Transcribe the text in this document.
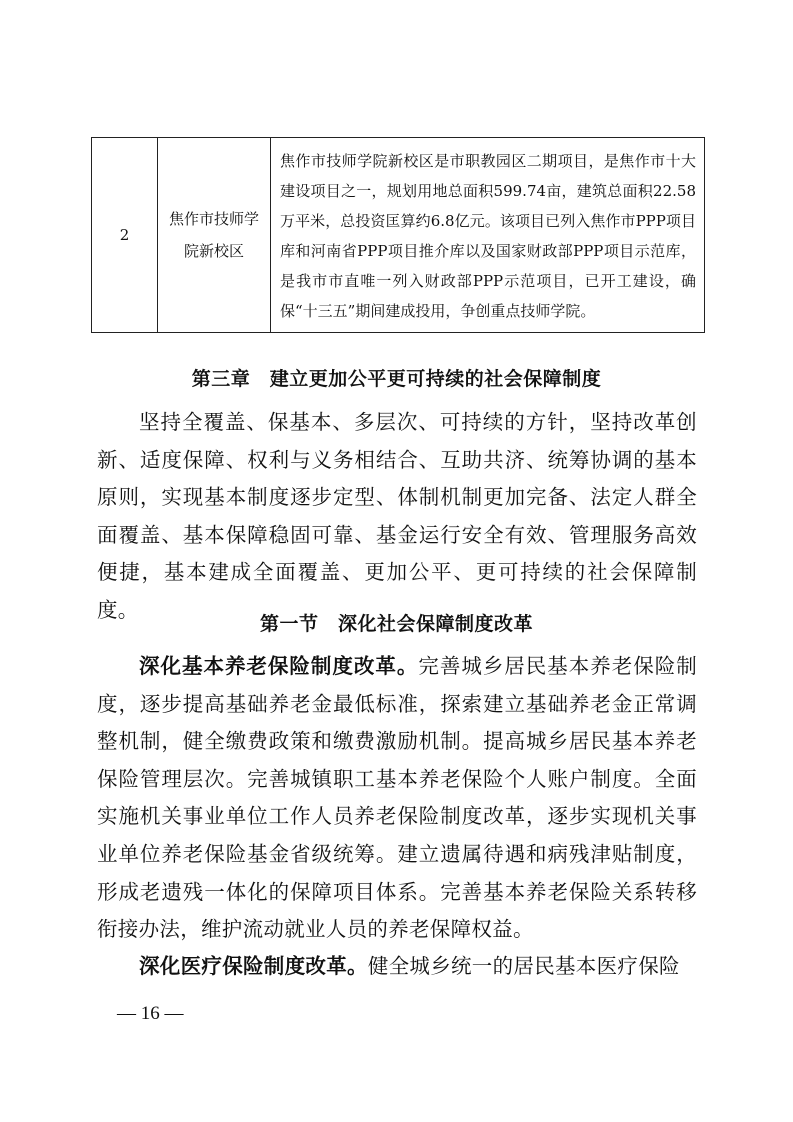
2	焦作市技师学院新校区	焦作市技师学院新校区是市职教园区二期项目，是焦作市十大建设项目之一，规划用地总面积599.74亩，建筑总面积22.58万平米，总投资匡算约6.8亿元。该项目已列入焦作市PPP项目库和河南省PPP项目推介库以及国家财政部PPP项目示范库，是我市市直唯一列入财政部PPP示范项目，已开工建设，确保“十三五”期间建成投用，争创重点技师学院。
第三章　建立更加公平更可持续的社会保障制度

坚持全覆盖、保基本、多层次、可持续的方针，坚持改革创新、适度保障、权利与义务相结合、互助共济、统筹协调的基本原则，实现基本制度逐步定型、体制机制更加完备、法定人群全面覆盖、基本保障稳固可靠、基金运行安全有效、管理服务高效便捷，基本建成全面覆盖、更加公平、更可持续的社会保障制度。

第一节　深化社会保障制度改革

深化基本养老保险制度改革。完善城乡居民基本养老保险制度，逐步提高基础养老金最低标准，探索建立基础养老金正常调整机制，健全缴费政策和缴费激励机制。提高城乡居民基本养老保险管理层次。完善城镇职工基本养老保险个人账户制度。全面实施机关事业单位工作人员养老保险制度改革，逐步实现机关事业单位养老保险基金省级统筹。建立遗属待遇和病残津贴制度，形成老遗残一体化的保障项目体系。完善基本养老保险关系转移衔接办法，维护流动就业人员的养老保障权益。

深化医疗保险制度改革。健全城乡统一的居民基本医疗保险

— 16 —
